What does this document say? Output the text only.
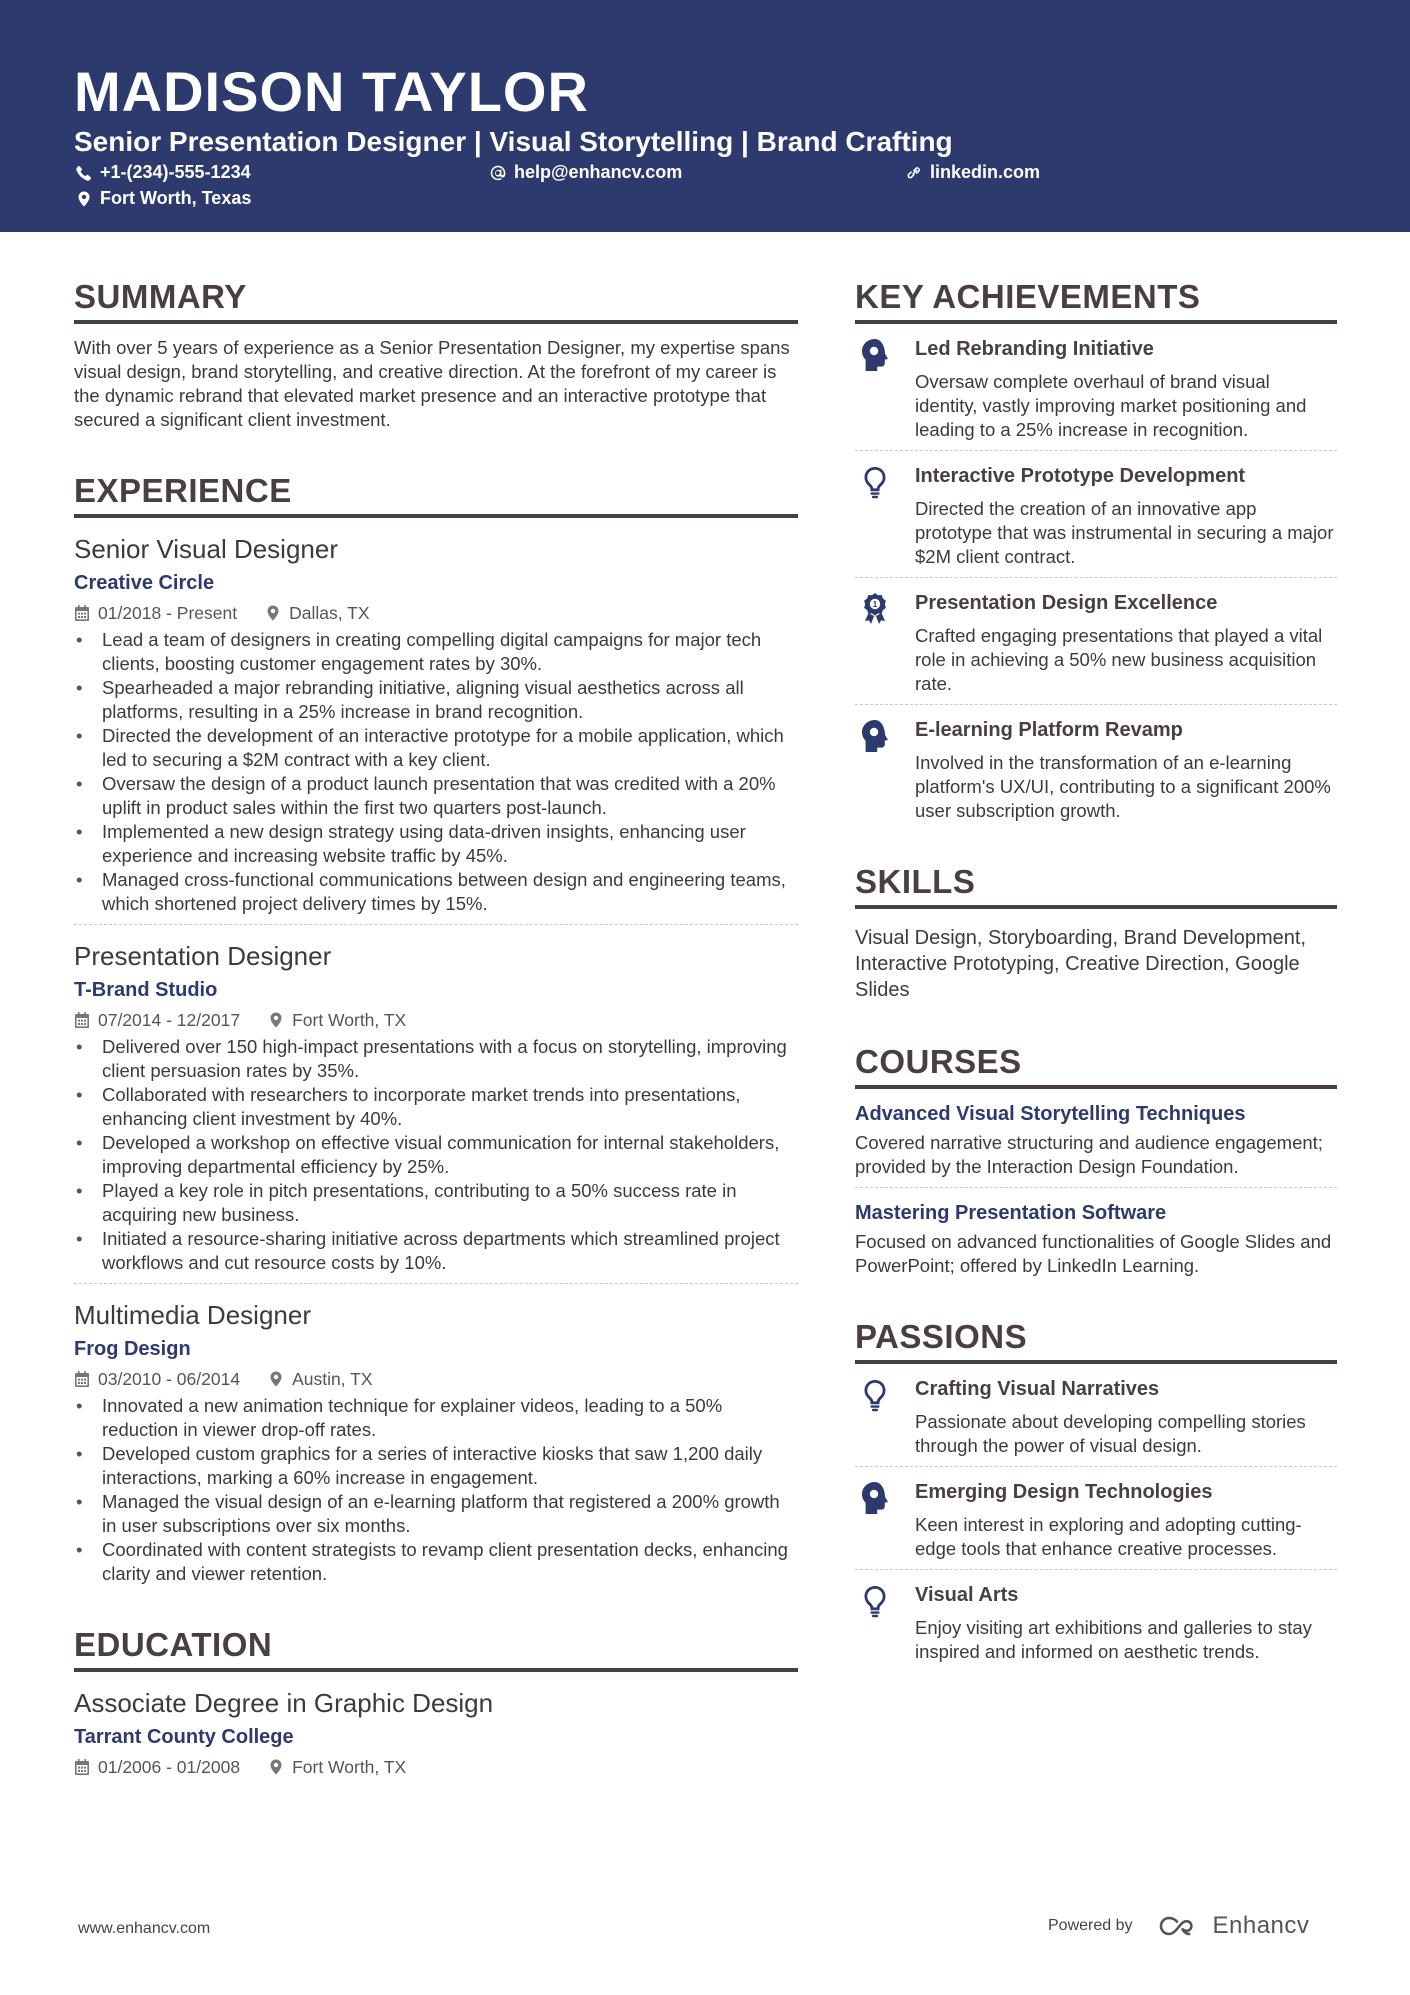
MADISON TAYLOR
Senior Presentation Designer | Visual Storytelling | Brand Crafting
+1-(234)-555-1234	help@enhancv.com	linkedin.com
Fort Worth, Texas
SUMMARY

With over 5 years of experience as a Senior Presentation Designer, my expertise spans visual design, brand storytelling, and creative direction. At the forefront of my career is the dynamic rebrand that elevated market presence and an interactive prototype that secured a significant client investment.

EXPERIENCE
Senior Visual Designer
Creative Circle
01/2018 - Present	Dallas, TX
• Lead a team of designers in creating compelling digital campaigns for major tech clients, boosting customer engagement rates by 30%.
• Spearheaded a major rebranding initiative, aligning visual aesthetics across all platforms, resulting in a 25% increase in brand recognition.
• Directed the development of an interactive prototype for a mobile application, which led to securing a $2M contract with a key client.
• Oversaw the design of a product launch presentation that was credited with a 20% uplift in product sales within the first two quarters post-launch.
• Implemented a new design strategy using data-driven insights, enhancing user experience and increasing website traffic by 45%.
• Managed cross-functional communications between design and engineering teams, which shortened project delivery times by 15%.
Presentation Designer
T-Brand Studio
07/2014 - 12/2017	Fort Worth, TX
• Delivered over 150 high-impact presentations with a focus on storytelling, improving client persuasion rates by 35%.
• Collaborated with researchers to incorporate market trends into presentations, enhancing client investment by 40%.
• Developed a workshop on effective visual communication for internal stakeholders, improving departmental efficiency by 25%.
• Played a key role in pitch presentations, contributing to a 50% success rate in acquiring new business.
• Initiated a resource-sharing initiative across departments which streamlined project workflows and cut resource costs by 10%.
Multimedia Designer
Frog Design
03/2010 - 06/2014	Austin, TX
• Innovated a new animation technique for explainer videos, leading to a 50% reduction in viewer drop-off rates.
• Developed custom graphics for a series of interactive kiosks that saw 1,200 daily interactions, marking a 60% increase in engagement.
• Managed the visual design of an e-learning platform that registered a 200% growth in user subscriptions over six months.
• Coordinated with content strategists to revamp client presentation decks, enhancing clarity and viewer retention.
EDUCATION
Associate Degree in Graphic Design
Tarrant County College
01/2006 - 01/2008	Fort Worth, TX
KEY ACHIEVEMENTS
Led Rebranding Initiative
Oversaw complete overhaul of brand visual identity, vastly improving market positioning and leading to a 25% increase in recognition.
Interactive Prototype Development
Directed the creation of an innovative app prototype that was instrumental in securing a major $2M client contract.
Presentation Design Excellence
Crafted engaging presentations that played a vital role in achieving a 50% new business acquisition rate.
E-learning Platform Revamp
Involved in the transformation of an e-learning platform's UX/UI, contributing to a significant 200% user subscription growth.
SKILLS

Visual Design, Storyboarding, Brand Development, Interactive Prototyping, Creative Direction, Google Slides

COURSES
Advanced Visual Storytelling Techniques
Covered narrative structuring and audience engagement; provided by the Interaction Design Foundation.
Mastering Presentation Software
Focused on advanced functionalities of Google Slides and PowerPoint; offered by LinkedIn Learning.
PASSIONS
Crafting Visual Narratives
Passionate about developing compelling stories through the power of visual design.
Emerging Design Technologies
Keen interest in exploring and adopting cutting-edge tools that enhance creative processes.
Visual Arts
Enjoy visiting art exhibitions and galleries to stay inspired and informed on aesthetic trends.
www.enhancv.com	Powered by	Enhancv
